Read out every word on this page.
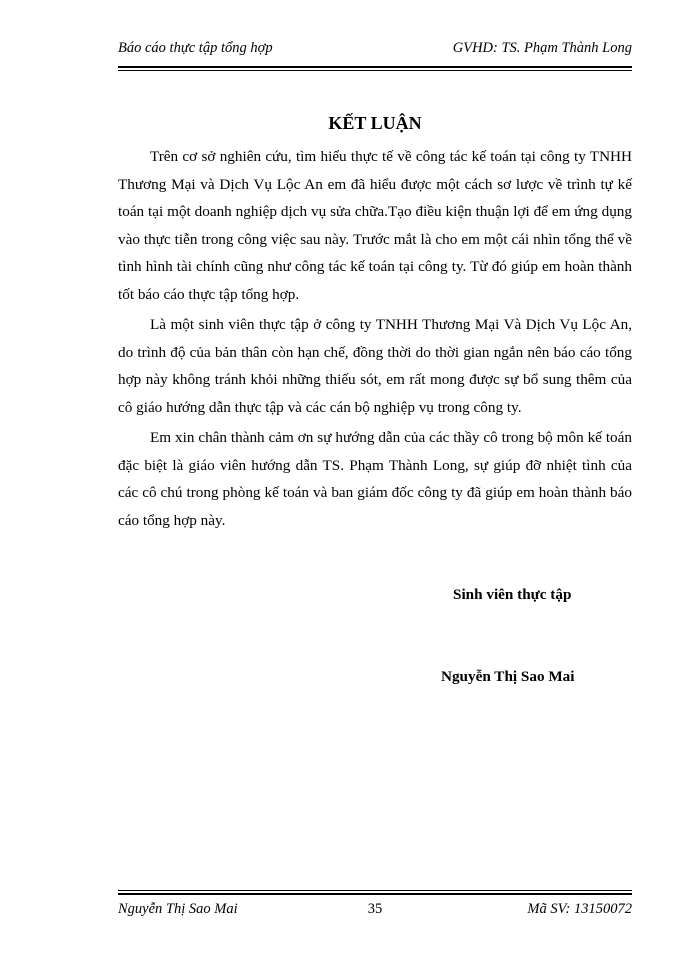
Báo cáo thực tập tổng hợp	GVHD: TS. Phạm Thành Long
KẾT LUẬN

Trên cơ sở nghiên cứu, tìm hiểu thực tế về công tác kế toán tại công ty TNHH Thương Mại và Dịch Vụ Lộc An em đã hiểu được một cách sơ lược về trình tự kế toán tại một doanh nghiệp dịch vụ sửa chữa.Tạo điều kiện thuận lợi để em ứng dụng vào thực tiễn trong công việc sau này. Trước mắt là cho em một cái nhìn tổng thể về tình hình tài chính cũng như công tác kế toán tại công ty. Từ đó giúp em hoàn thành tốt báo cáo thực tập tổng hợp.

Là một sinh viên thực tập ở công ty TNHH Thương Mại Và Dịch Vụ Lộc An, do trình độ của bản thân còn hạn chế, đồng thời do thời gian ngắn nên báo cáo tổng hợp này không tránh khỏi những thiếu sót, em rất mong được sự bổ sung thêm của cô giáo hướng dẫn thực tập và các cán bộ nghiệp vụ trong công ty.

Em xin chân thành cảm ơn sự hướng dẫn của các thầy cô trong bộ môn kế toán đặc biệt là giáo viên hướng dẫn TS. Phạm Thành Long, sự giúp đỡ nhiệt tình của các cô chú trong phòng kế toán và ban giám đốc công ty đã giúp em hoàn thành báo cáo tổng hợp này.

Sinh viên thực tập
Nguyễn Thị Sao Mai
Nguyễn Thị Sao Mai	35	Mã SV: 13150072
